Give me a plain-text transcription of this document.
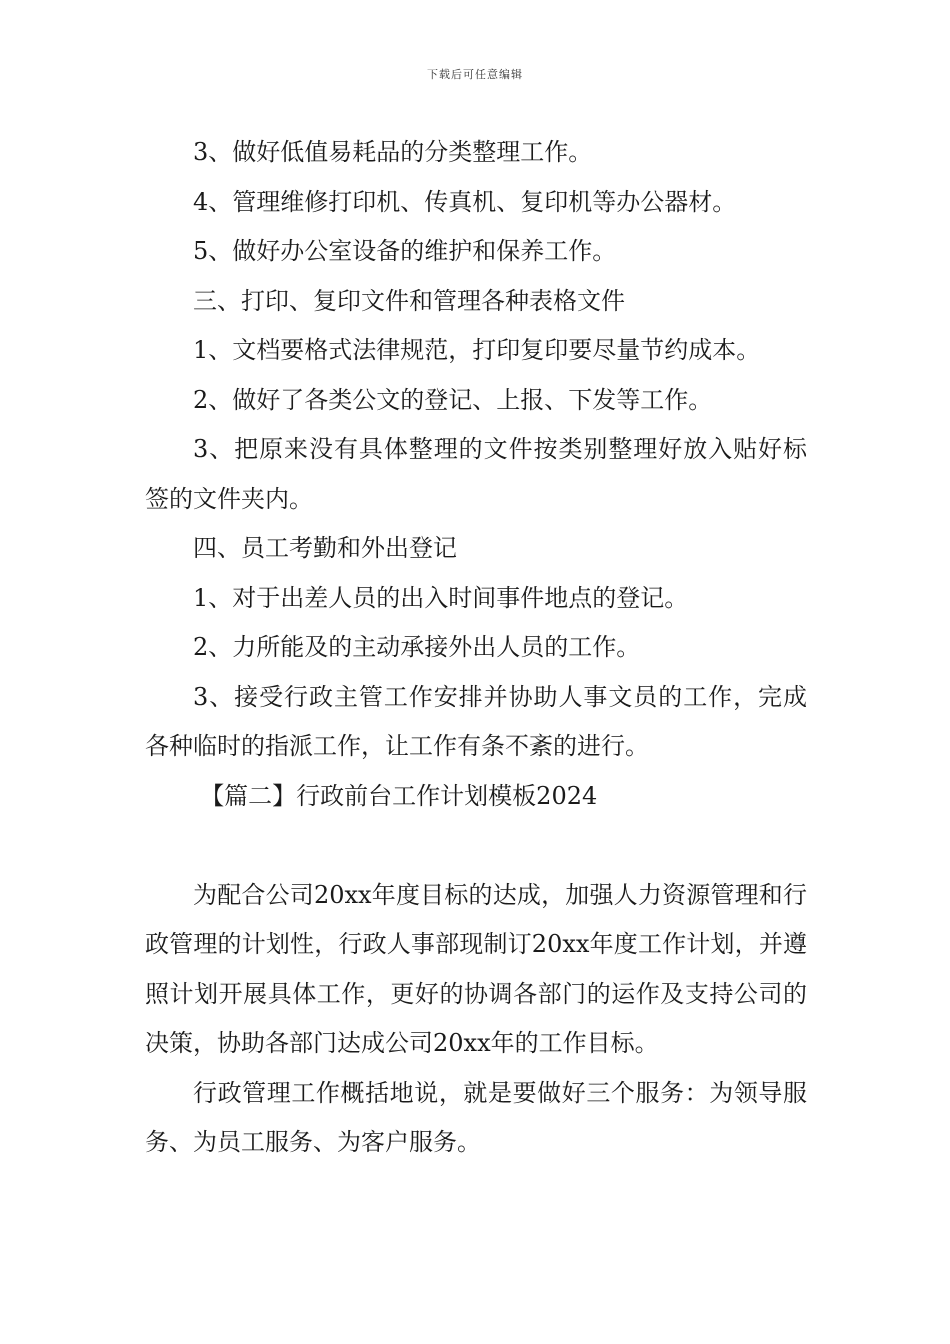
下载后可任意编辑

3、做好低值易耗品的分类整理工作。

4、管理维修打印机、传真机、复印机等办公器材。

5、做好办公室设备的维护和保养工作。

三、打印、复印文件和管理各种表格文件

1、文档要格式法律规范，打印复印要尽量节约成本。

2、做好了各类公文的登记、上报、下发等工作。

3、把原来没有具体整理的文件按类别整理好放入贴好标签的文件夹内。

四、员工考勤和外出登记

1、对于出差人员的出入时间事件地点的登记。

2、力所能及的主动承接外出人员的工作。

3、接受行政主管工作安排并协助人事文员的工作，完成各种临时的指派工作，让工作有条不紊的进行。

【篇二】行政前台工作计划模板2024

为配合公司20xx年度目标的达成，加强人力资源管理和行政管理的计划性，行政人事部现制订20xx年度工作计划，并遵照计划开展具体工作，更好的协调各部门的运作及支持公司的决策，协助各部门达成公司20xx年的工作目标。

行政管理工作概括地说，就是要做好三个服务：为领导服务、为员工服务、为客户服务。
